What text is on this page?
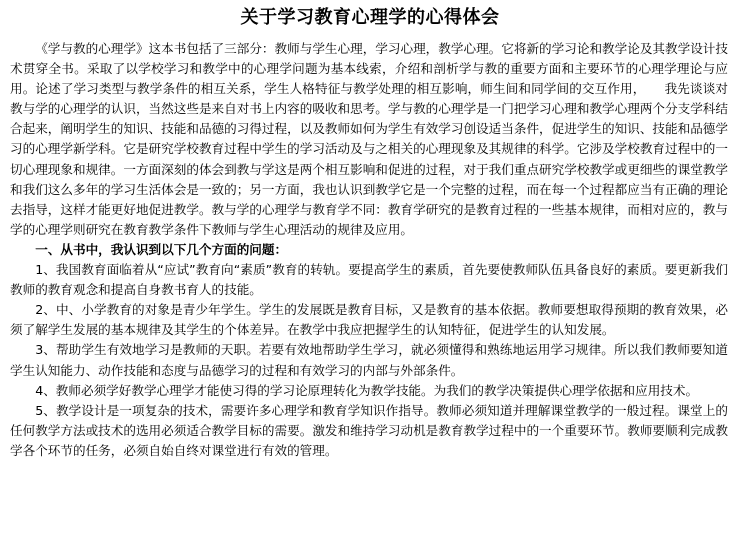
关于学习教育心理学的心得体会

《学与教的心理学》这本书包括了三部分：教师与学生心理，学习心理，教学心理。它将新的学习论和教学论及其教学设计技术贯穿全书。采取了以学校学习和教学中的心理学问题为基本线索，介绍和剖析学与教的重要方面和主要环节的心理学理论与应用。论述了学习类型与教学条件的相互关系，学生人格特征与教学处理的相互影响，师生间和同学间的交互作用，　　我先谈谈对教与学的心理学的认识，当然这些是来自对书上内容的吸收和思考。学与教的心理学是一门把学习心理和教学心理两个分支学科结合起来，阐明学生的知识、技能和品德的习得过程，以及教师如何为学生有效学习创设适当条件，促进学生的知识、技能和品德学习的心理学新学科。它是研究学校教育过程中学生的学习活动及与之相关的心理现象及其规律的科学。它涉及学校教育过程中的一切心理现象和规律。一方面深刻的体会到教与学这是两个相互影响和促进的过程，对于我们重点研究学校教学或更细些的课堂教学和我们这么多年的学习生活体会是一致的；另一方面，我也认识到教学它是一个完整的过程，而在每一个过程都应当有正确的理论去指导，这样才能更好地促进教学。教与学的心理学与教育学不同：教育学研究的是教育过程的一些基本规律，而相对应的，教与学的心理学则研究在教育教学条件下教师与学生心理活动的规律及应用。

一、从书中，我认识到以下几个方面的问题：

1、我国教育面临着从“应试”教育向“素质”教育的转轨。要提高学生的素质，首先要使教师队伍具备良好的素质。要更新我们教师的教育观念和提高自身教书育人的技能。

2、中、小学教育的对象是青少年学生。学生的发展既是教育目标，又是教育的基本依据。教师要想取得预期的教育效果，必须了解学生发展的基本规律及其学生的个体差异。在教学中我应把握学生的认知特征，促进学生的认知发展。

3、帮助学生有效地学习是教师的天职。若要有效地帮助学生学习，就必须懂得和熟练地运用学习规律。所以我们教师要知道学生认知能力、动作技能和态度与品德学习的过程和有效学习的内部与外部条件。

4、教师必须学好教学心理学才能使习得的学习论原理转化为教学技能。为我们的教学决策提供心理学依据和应用技术。

5、教学设计是一项复杂的技术，需要许多心理学和教育学知识作指导。教师必须知道并理解课堂教学的一般过程。课堂上的任何教学方法或技术的选用必须适合教学目标的需要。激发和维持学习动机是教育教学过程中的一个重要环节。教师要顺利完成教学各个环节的任务，必须自始自终对课堂进行有效的管理。
